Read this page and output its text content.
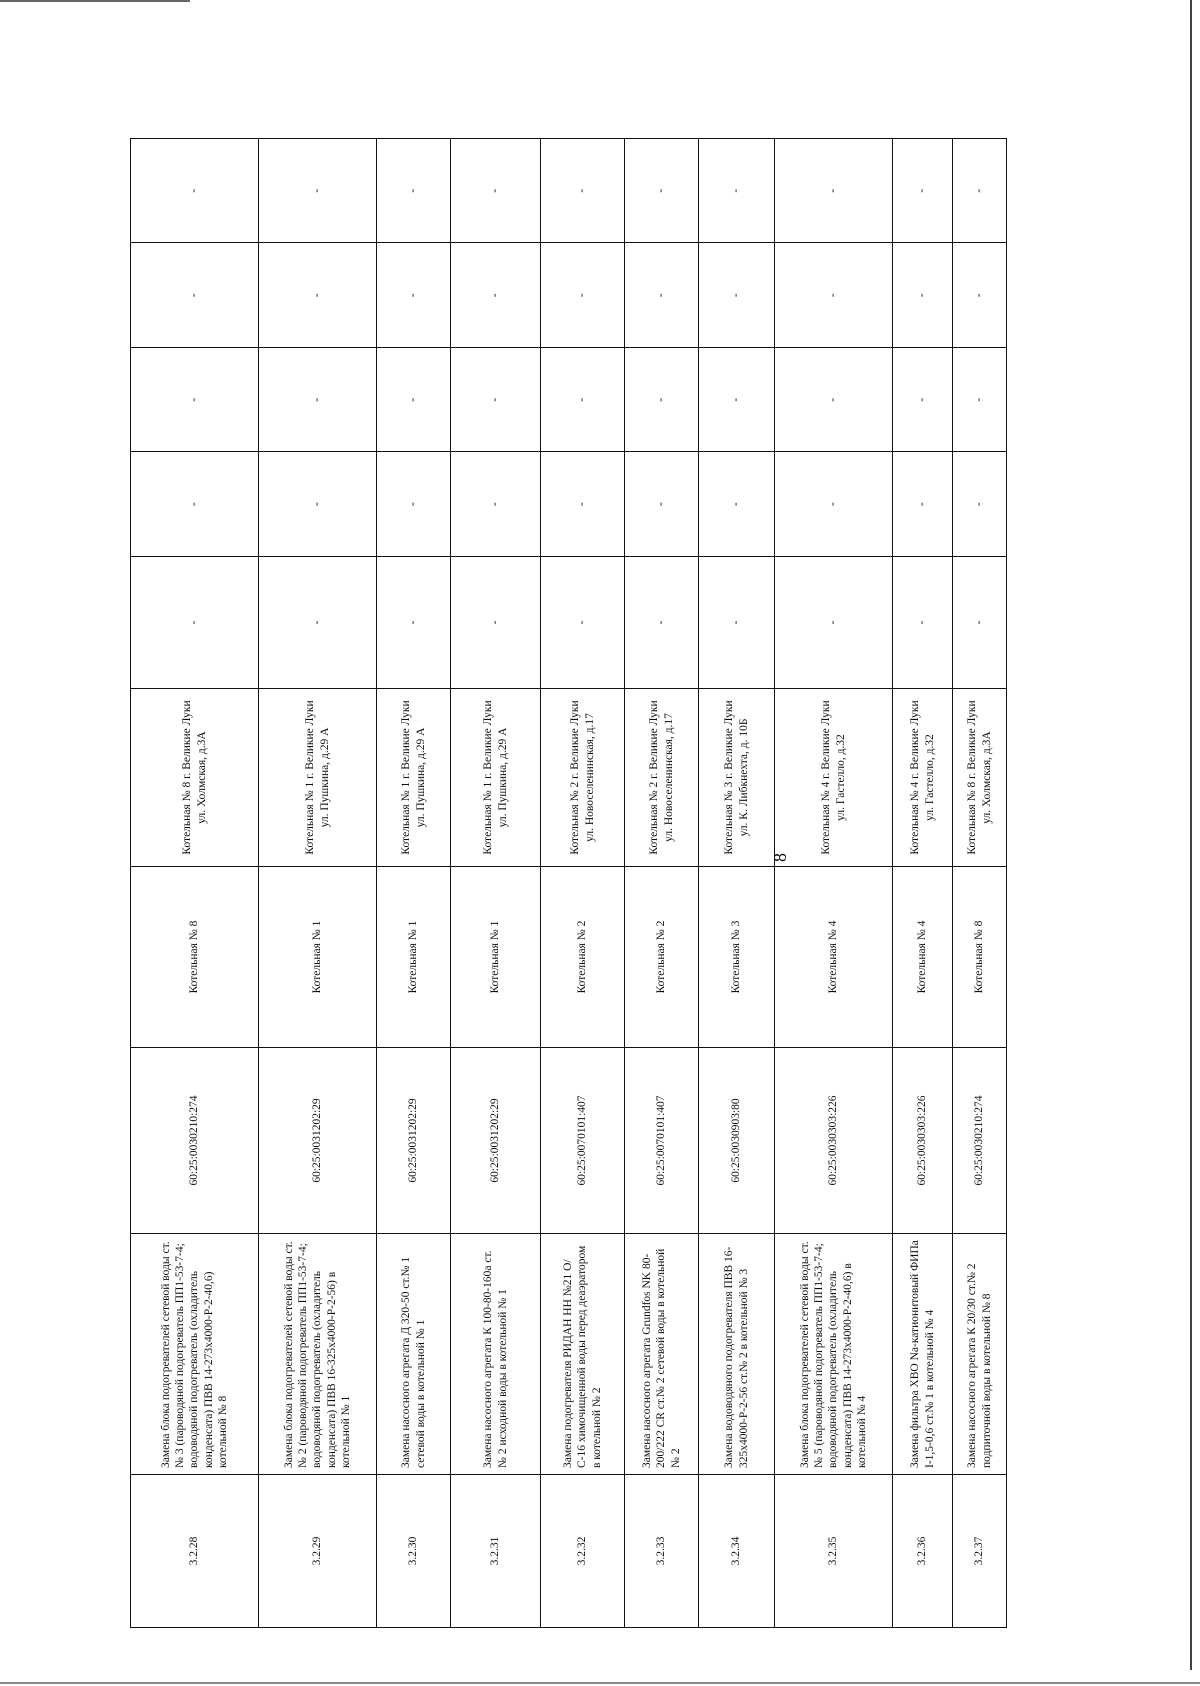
8
3.2.28	Замена блока подогревателей сетевой воды ст. № 3 (пароводяной подогреватель ПП1-53-7-4; водоводяной подогреватель (охладитель конденсата) ПВВ 14-273х4000-Р-2-40,6) котельной № 8	60:25:0030210:274	Котельная № 8	Котельная № 8 г. Великие Луки ул. Холмская, д.3А	-	-	-	-	-
3.2.29	Замена блока подогревателей сетевой воды ст. № 2 (пароводяной подогреватель ПП1-53-7-4; водоводяной подогреватель (охладитель конденсата) ПВВ 16-325х4000-Р-2-56) в котельной № 1	60:25:0031202:29	Котельная № 1	Котельная № 1 г. Великие Луки ул. Пушкина, д.29 А	-	-	-	-	-
3.2.30	Замена насосного агрегата Д 320-50 ст.№ 1 сетевой воды в котельной № 1	60:25:0031202:29	Котельная № 1	Котельная № 1 г. Великие Луки ул. Пушкина, д.29 А	-	-	-	-	-
3.2.31	Замена насосного агрегата К 100-80-160а ст.№ 2 исходной воды в котельной № 1	60:25:0031202:29	Котельная № 1	Котельная № 1 г. Великие Луки ул. Пушкина, д.29 А	-	-	-	-	-
3.2.32	Замена подогревателя РИДАН НН №21 О/С-16 химочищенной воды перед деаэратором в котельной № 2	60:25:0070101:407	Котельная № 2	Котельная № 2 г. Великие Луки ул. Новоселенинская, д.17	-	-	-	-	-
3.2.33	Замена насосного агрегата Grundfos NK 80-200/222 CR ст.№ 2 сетевой воды в котельной № 2	60:25:0070101:407	Котельная № 2	Котельная № 2 г. Великие Луки ул. Новоселенинская, д.17	-	-	-	-	-
3.2.34	Замена водоводяного подогревателя ПВВ 16-325х4000-Р-2-56 ст.№ 2 в котельной № 3	60:25:0030903:80	Котельная № 3	Котельная № 3 г. Великие Луки ул. К. Либкнехта, д. 10Б	-	-	-	-	-
3.2.35	Замена блока подогревателей сетевой воды ст. № 5 (пароводяной подогреватель ПП1-53-7-4; водоводяной подогреватель (охладитель конденсата) ПВВ 14-273х4000-Р-2-40,6) в котельной № 4	60:25:0030303:226	Котельная № 4	Котельная № 4 г. Великие Луки ул. Гастелло, д.32	-	-	-	-	-
3.2.36	Замена фильтра ХВО Na-катионитовый ФИПа I-1,5-0,6 ст.№ 1 в котельной № 4	60:25:0030303:226	Котельная № 4	Котельная № 4 г. Великие Луки ул. Гастелло, д.32	-	-	-	-	-
3.2.37	Замена насосного агрегата К 20/30 ст.№ 2 подпиточной воды в котельной № 8	60:25:0030210:274	Котельная № 8	Котельная № 8 г. Великие Луки ул. Холмская, д.3А	-	-	-	-	-
